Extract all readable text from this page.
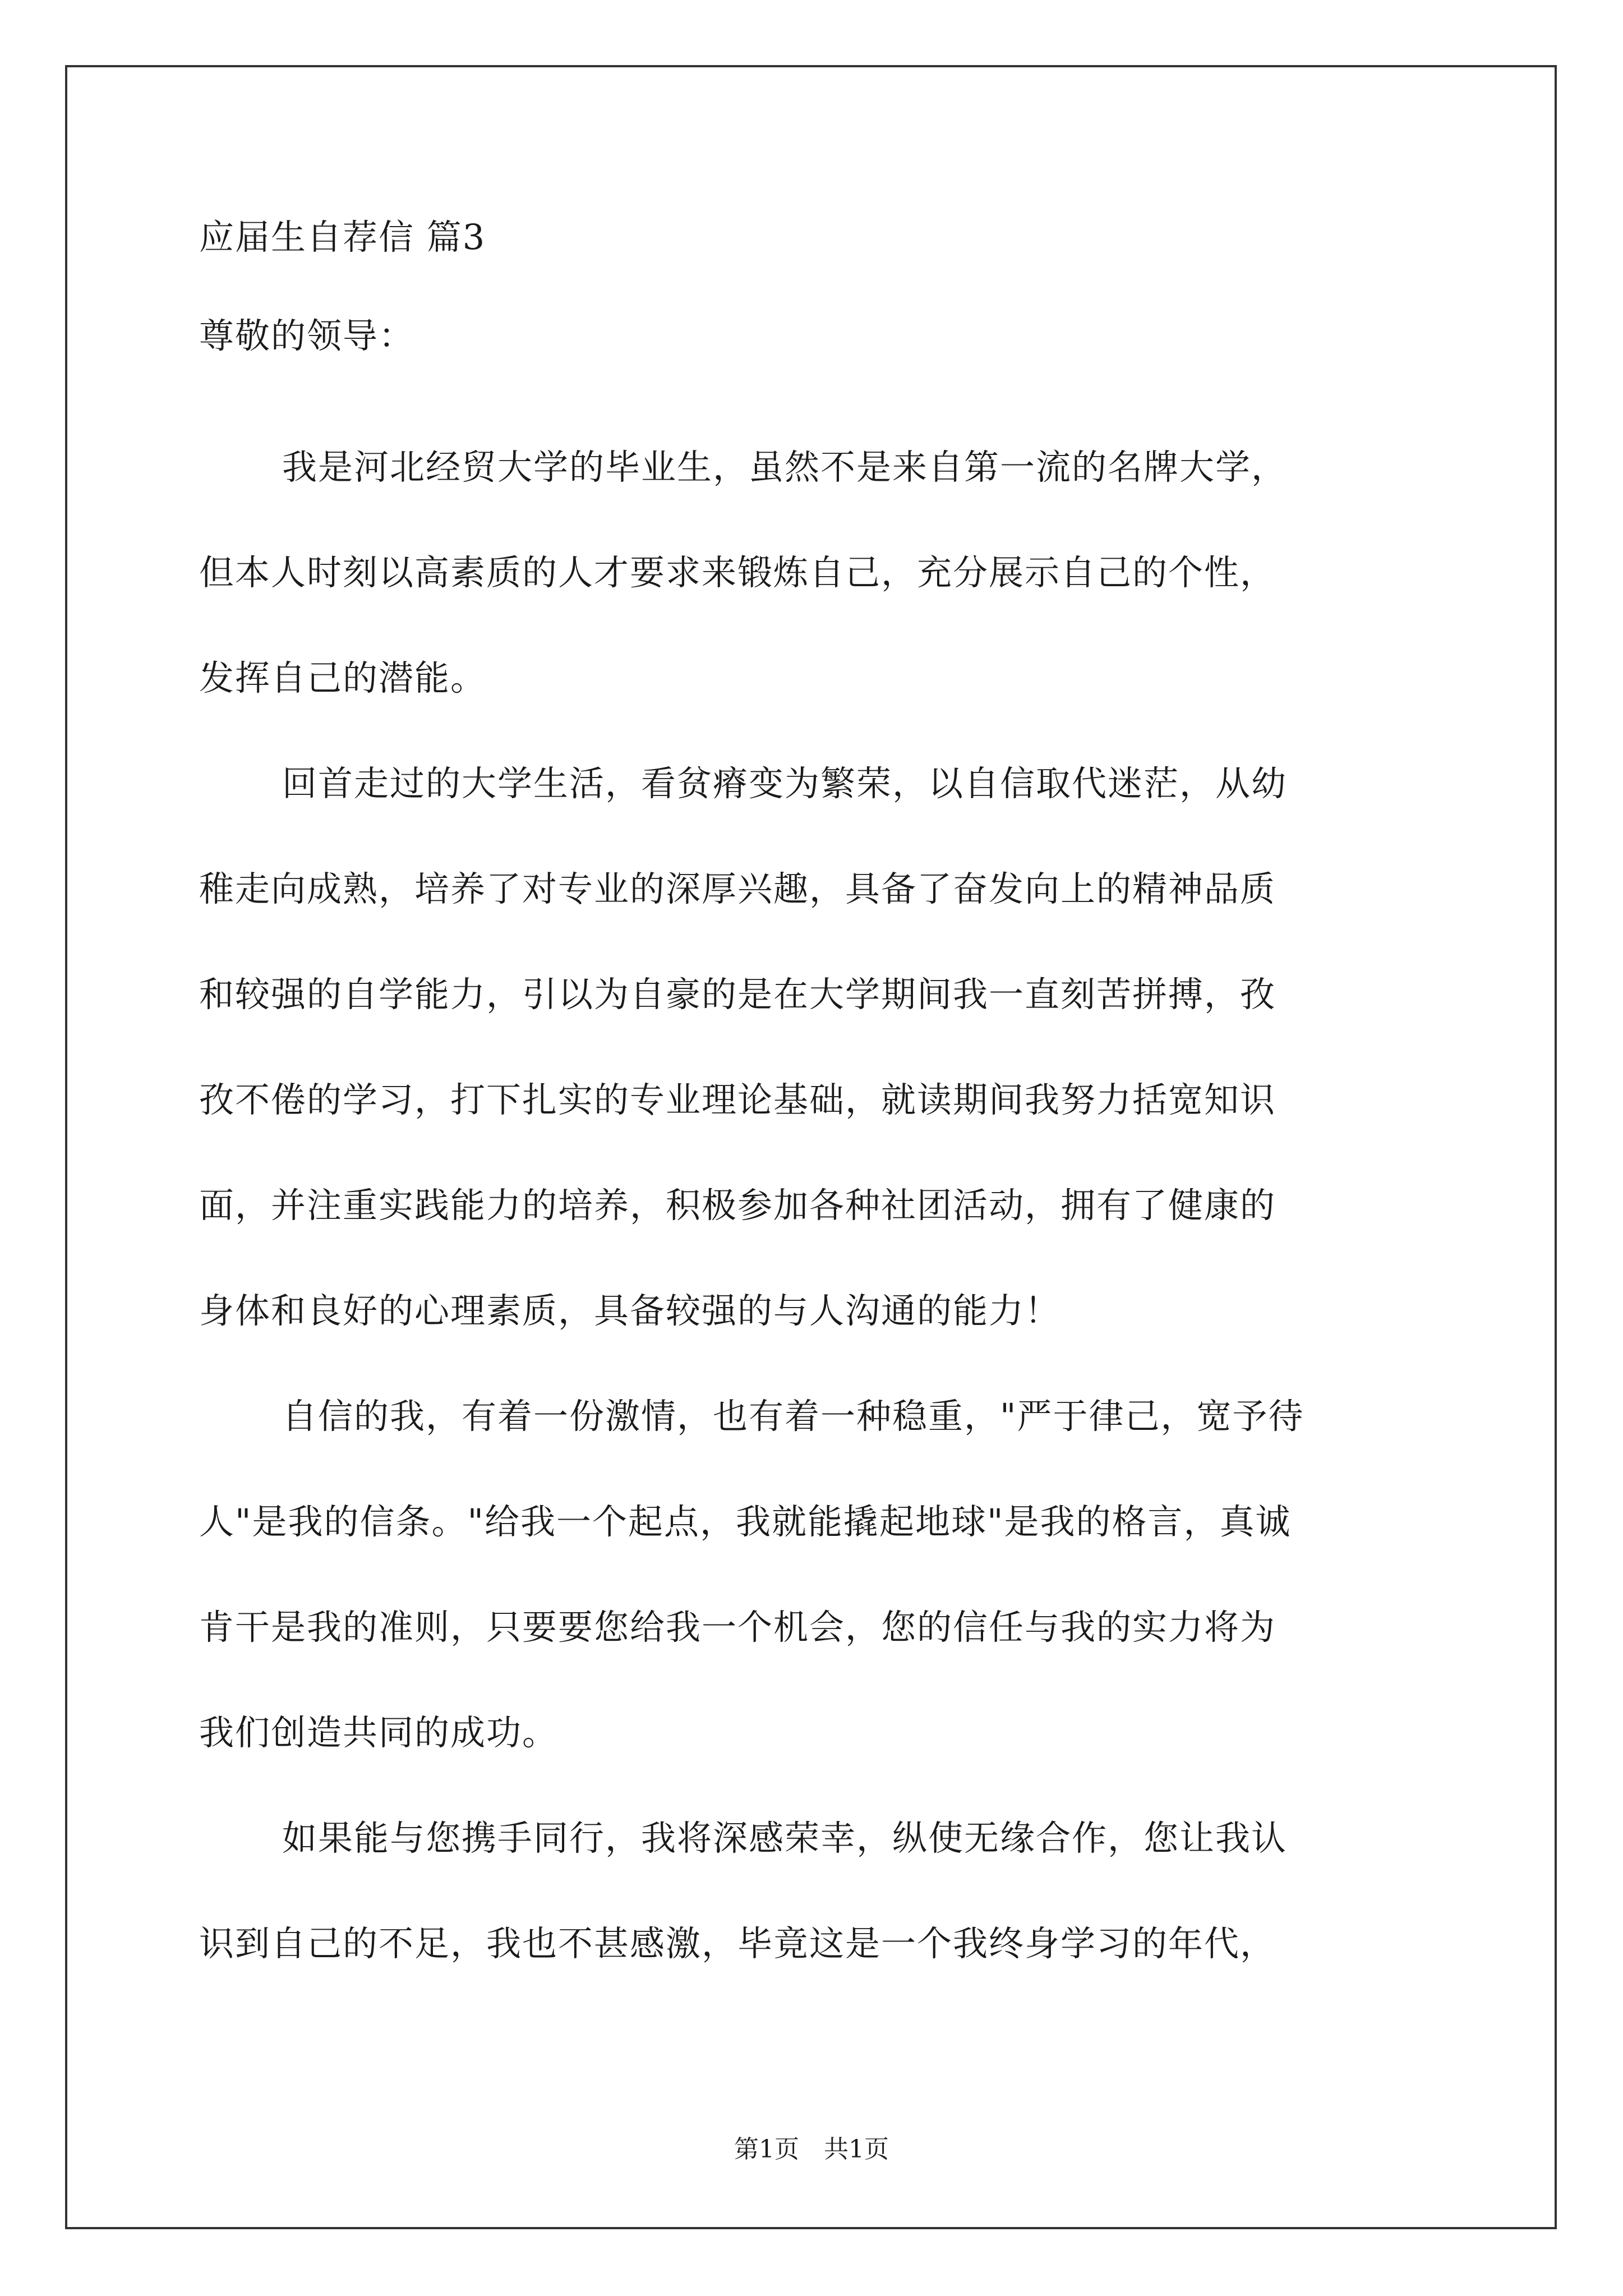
应届生自荐信 篇3
尊敬的领导：
我是河北经贸大学的毕业生，虽然不是来自第一流的名牌大学，
但本人时刻以高素质的人才要求来锻炼自己，充分展示自己的个性，
发挥自己的潜能。
回首走过的大学生活，看贫瘠变为繁荣，以自信取代迷茫，从幼
稚走向成熟，培养了对专业的深厚兴趣，具备了奋发向上的精神品质
和较强的自学能力，引以为自豪的是在大学期间我一直刻苦拼搏，孜
孜不倦的学习，打下扎实的专业理论基础，就读期间我努力括宽知识
面，并注重实践能力的培养，积极参加各种社团活动，拥有了健康的
身体和良好的心理素质，具备较强的与人沟通的能力！
自信的我，有着一份激情，也有着一种稳重，"严于律己，宽予待
人"是我的信条。"给我一个起点，我就能撬起地球"是我的格言，真诚
肯干是我的准则，只要要您给我一个机会，您的信任与我的实力将为
我们创造共同的成功。
如果能与您携手同行，我将深感荣幸，纵使无缘合作，您让我认
识到自己的不足，我也不甚感激，毕竟这是一个我终身学习的年代，
第1页　共1页
